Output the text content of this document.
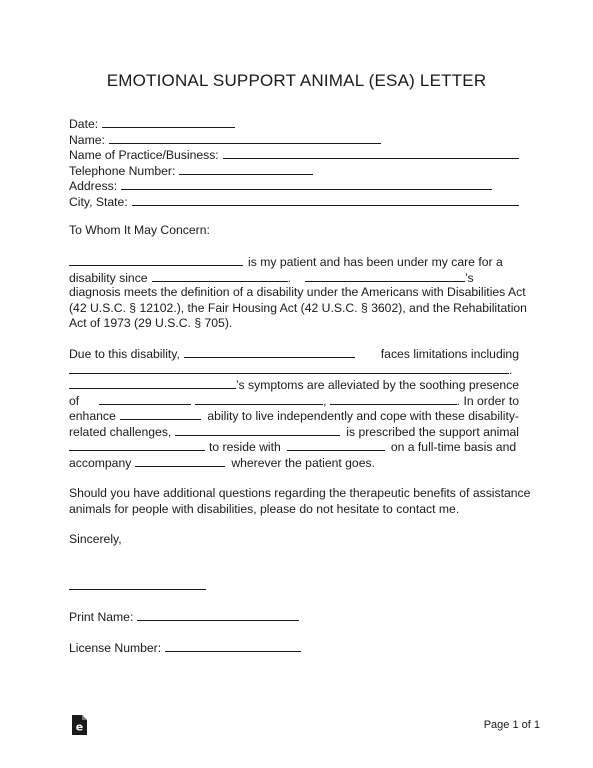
EMOTIONAL SUPPORT ANIMAL (ESA) LETTER
Date:
Name:
Name of Practice/Business:
Telephone Number:
Address:
City, State:
To Whom It May Concern:
is my patient and has been under my care for a
disability since	.	’s
diagnosis meets the definition of a disability under the Americans with Disabilities Act
(42 U.S.C. § 12102.), the Fair Housing Act (42 U.S.C. § 3602), and the Rehabilitation
Act of 1973 (29 U.S.C. § 705).
Due to this disability,	faces limitations including
.
’s symptoms are alleviated by the soothing presence
of	,	. In order to
enhance	ability to live independently and cope with these disability-
related challenges,	is prescribed the support animal
to reside with	on a full-time basis and
accompany	wherever the patient goes.
Should you have additional questions regarding the therapeutic benefits of assistance
animals for people with disabilities, please do not hesitate to contact me.
Sincerely,
Print Name:
License Number:
e	Page 1 of 1
